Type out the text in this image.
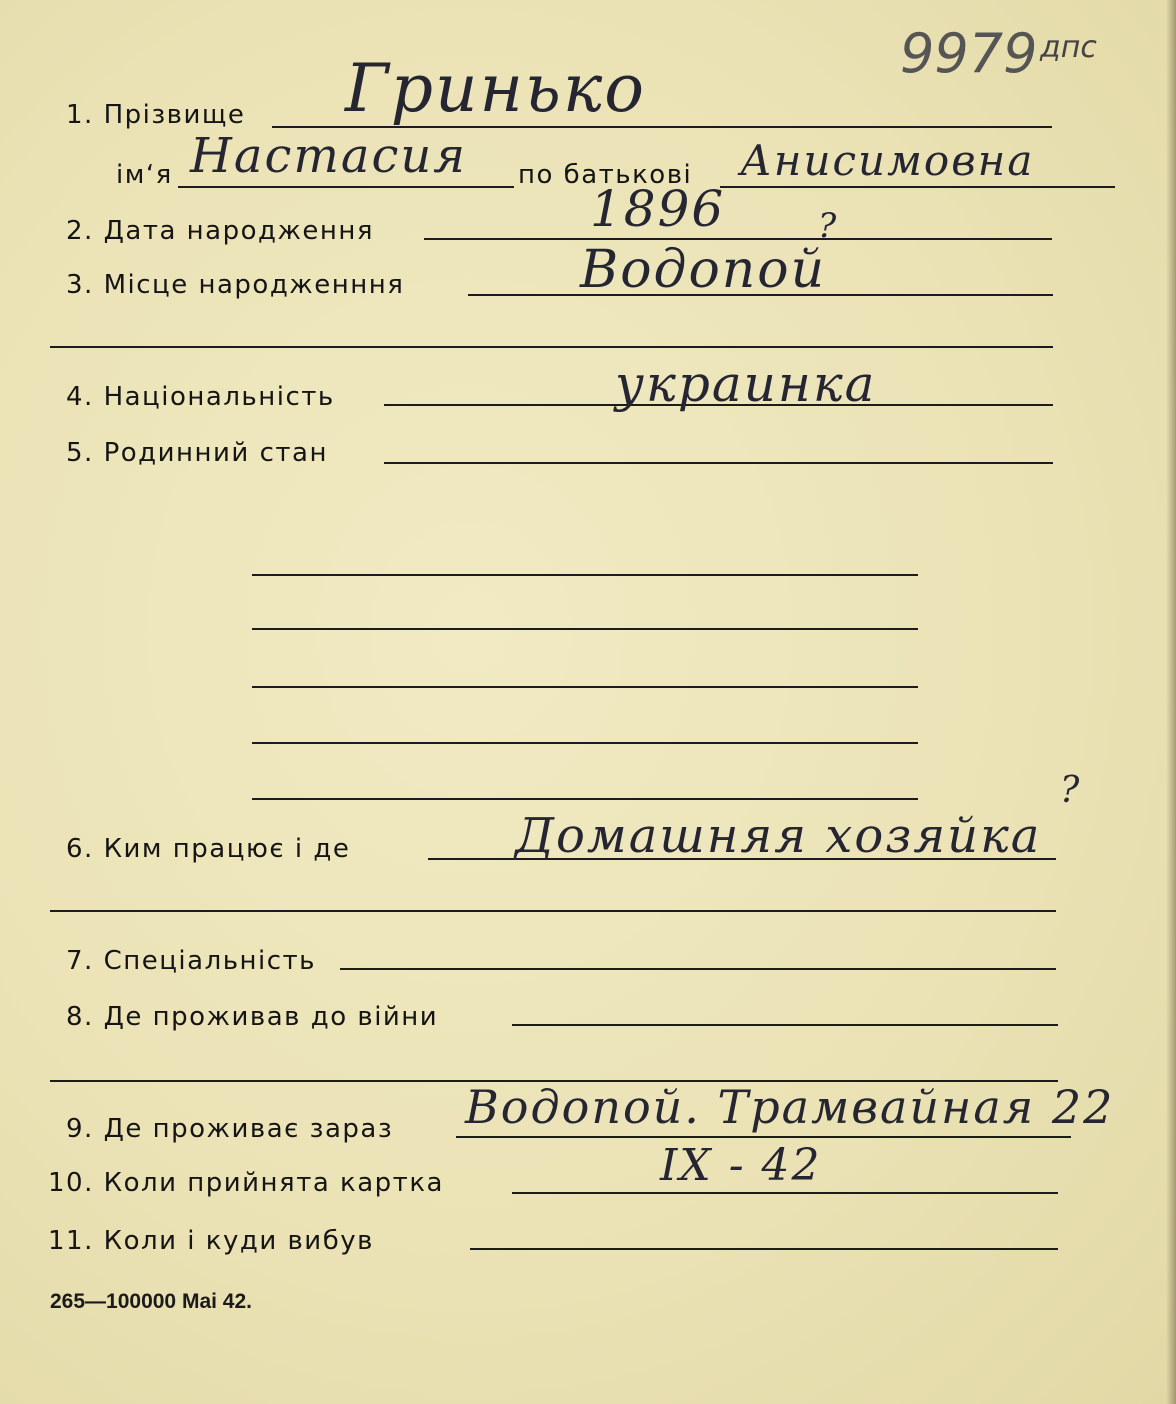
9979 дпс
1. Прізвище Гринько
ім‘я Настасия по батькові Анисимовна
2. Дата народження	1896	?
3. Місце народженння	Водопой
4. Національність	украинка
5. Родинний стан
6. Ким працює і де	Домашняя хозяйка
?
7. Спеціальність
8. Де проживав до війни
9. Де проживає зараз Водопой. Трамвайная 22
10. Коли прийнята картка	IX - 42
11. Коли і куди вибув
265—100000 Mai 42.
